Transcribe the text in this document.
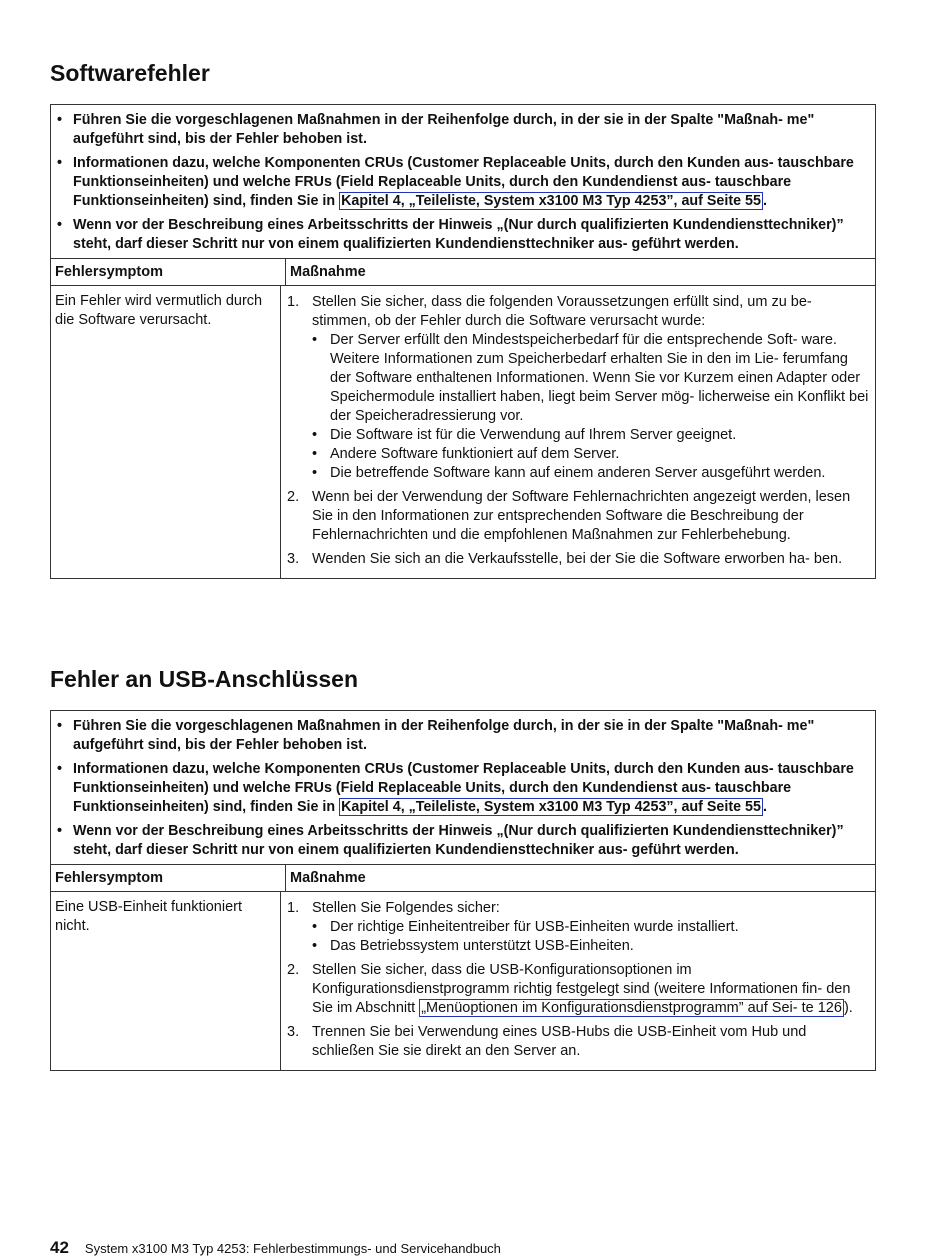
Softwarefehler
• Führen Sie die vorgeschlagenen Maßnahmen in der Reihenfolge durch, in der sie in der Spalte "Maßnah- me" aufgeführt sind, bis der Fehler behoben ist.
• Informationen dazu, welche Komponenten CRUs (Customer Replaceable Units, durch den Kunden aus- tauschbare Funktionseinheiten) und welche FRUs (Field Replaceable Units, durch den Kundendienst aus- tauschbare Funktionseinheiten) sind, finden Sie in Kapitel 4, „Teileliste, System x3100 M3 Typ 4253”, auf Seite 55 .
• Wenn vor der Beschreibung eines Arbeitsschritts der Hinweis „(Nur durch qualifizierten Kundendiensttechniker)” steht, darf dieser Schritt nur von einem qualifizierten Kundendiensttechniker aus- geführt werden.
Fehlersymptom	Maßnahme
Ein Fehler wird vermutlich durch die Software verursacht.
1. Stellen Sie sicher, dass die folgenden Voraussetzungen erfüllt sind, um zu be- stimmen, ob der Fehler durch die Software verursacht wurde:
• Der Server erfüllt den Mindestspeicherbedarf für die entsprechende Soft- ware. Weitere Informationen zum Speicherbedarf erhalten Sie in den im Lie- ferumfang der Software enthaltenen Informationen. Wenn Sie vor Kurzem einen Adapter oder Speichermodule installiert haben, liegt beim Server mög- licherweise ein Konflikt bei der Speicheradressierung vor.
• Die Software ist für die Verwendung auf Ihrem Server geeignet.
• Andere Software funktioniert auf dem Server.
• Die betreffende Software kann auf einem anderen Server ausgeführt werden.
2. Wenn bei der Verwendung der Software Fehlernachrichten angezeigt werden, lesen Sie in den Informationen zur entsprechenden Software die Beschreibung der Fehlernachrichten und die empfohlenen Maßnahmen zur Fehlerbehebung.
3. Wenden Sie sich an die Verkaufsstelle, bei der Sie die Software erworben ha- ben.
Fehler an USB-Anschlüssen
• Führen Sie die vorgeschlagenen Maßnahmen in der Reihenfolge durch, in der sie in der Spalte "Maßnah- me" aufgeführt sind, bis der Fehler behoben ist.
• Informationen dazu, welche Komponenten CRUs (Customer Replaceable Units, durch den Kunden aus- tauschbare Funktionseinheiten) und welche FRUs (Field Replaceable Units, durch den Kundendienst aus- tauschbare Funktionseinheiten) sind, finden Sie in Kapitel 4, „Teileliste, System x3100 M3 Typ 4253”, auf Seite 55 .
• Wenn vor der Beschreibung eines Arbeitsschritts der Hinweis „(Nur durch qualifizierten Kundendiensttechniker)” steht, darf dieser Schritt nur von einem qualifizierten Kundendiensttechniker aus- geführt werden.
Fehlersymptom	Maßnahme
Eine USB-Einheit funktioniert nicht.
1. Stellen Sie Folgendes sicher:
• Der richtige Einheitentreiber für USB-Einheiten wurde installiert.
• Das Betriebssystem unterstützt USB-Einheiten.
2. Stellen Sie sicher, dass die USB-Konfigurationsoptionen im Konfigurationsdienstprogramm richtig festgelegt sind (weitere Informationen fin- den Sie im Abschnitt „Menüoptionen im Konfigurationsdienstprogramm” auf Sei- te 126 ).
3. Trennen Sie bei Verwendung eines USB-Hubs die USB-Einheit vom Hub und schließen Sie sie direkt an den Server an.
42 System x3100 M3 Typ 4253: Fehlerbestimmungs- und Servicehandbuch
